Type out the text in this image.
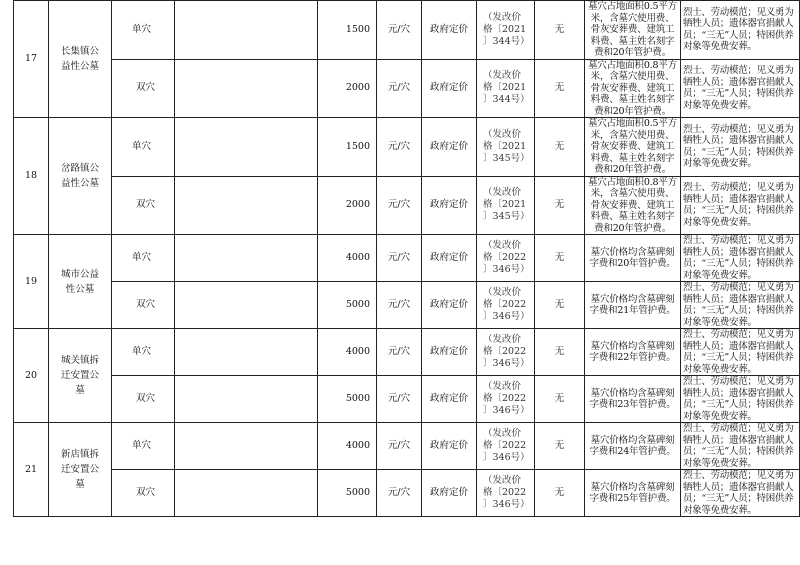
17	长集镇公益性公墓	单穴		1500	元/穴	政府定价	（发改价
格〔2021
〕344号）	无	墓穴占地面积0.5平方米，含墓穴使用费、骨灰安葬费、建筑工料费、墓主姓名刻字费和20年管护费。	烈士、劳动模范；见义勇为牺牲人员；遗体器官捐献人员；“三无”人员；特困供养对象等免费安葬。
		双穴		2000	元/穴	政府定价	（发改价
格〔2021
〕344号）	无	墓穴占地面积0.8平方米，含墓穴使用费、骨灰安葬费、建筑工料费、墓主姓名刻字费和20年管护费。	烈士、劳动模范；见义勇为牺牲人员；遗体器官捐献人员；“三无”人员；特困供养对象等免费安葬。
18	岔路镇公益性公墓	单穴		1500	元/穴	政府定价	（发改价
格〔2021
〕345号）	无	墓穴占地面积0.5平方米，含墓穴使用费、骨灰安葬费、建筑工料费、墓主姓名刻字费和20年管护费。	烈士、劳动模范；见义勇为牺牲人员；遗体器官捐献人员；“三无”人员；特困供养对象等免费安葬。
		双穴		2000	元/穴	政府定价	（发改价
格〔2021
〕345号）	无	墓穴占地面积0.8平方米，含墓穴使用费、骨灰安葬费、建筑工料费、墓主姓名刻字费和20年管护费。	烈士、劳动模范；见义勇为牺牲人员；遗体器官捐献人员；“三无”人员；特困供养对象等免费安葬。
19	城市公益性公墓	单穴		4000	元/穴	政府定价	（发改价
格〔2022
〕346号）	无	墓穴价格均含墓碑刻字费和20年管护费。	烈士、劳动模范；见义勇为牺牲人员；遗体器官捐献人员；“三无”人员；特困供养对象等免费安葬。
		双穴		5000	元/穴	政府定价	（发改价
格〔2022
〕346号）	无	墓穴价格均含墓碑刻字费和21年管护费。	烈士、劳动模范；见义勇为牺牲人员；遗体器官捐献人员；“三无”人员；特困供养对象等免费安葬。
20	城关镇拆迁安置公墓	单穴		4000	元/穴	政府定价	（发改价
格〔2022
〕346号）	无	墓穴价格均含墓碑刻字费和22年管护费。	烈士、劳动模范；见义勇为牺牲人员；遗体器官捐献人员；“三无”人员；特困供养对象等免费安葬。
		双穴		5000	元/穴	政府定价	（发改价
格〔2022
〕346号）	无	墓穴价格均含墓碑刻字费和23年管护费。	烈士、劳动模范；见义勇为牺牲人员；遗体器官捐献人员；“三无”人员；特困供养对象等免费安葬。
21	新店镇拆迁安置公墓	单穴		4000	元/穴	政府定价	（发改价
格〔2022
〕346号）	无	墓穴价格均含墓碑刻字费和24年管护费。	烈士、劳动模范；见义勇为牺牲人员；遗体器官捐献人员；“三无”人员；特困供养对象等免费安葬。
		双穴		5000	元/穴	政府定价	（发改价
格〔2022
〕346号）	无	墓穴价格均含墓碑刻字费和25年管护费。	烈士、劳动模范；见义勇为牺牲人员；遗体器官捐献人员；“三无”人员；特困供养对象等免费安葬。
